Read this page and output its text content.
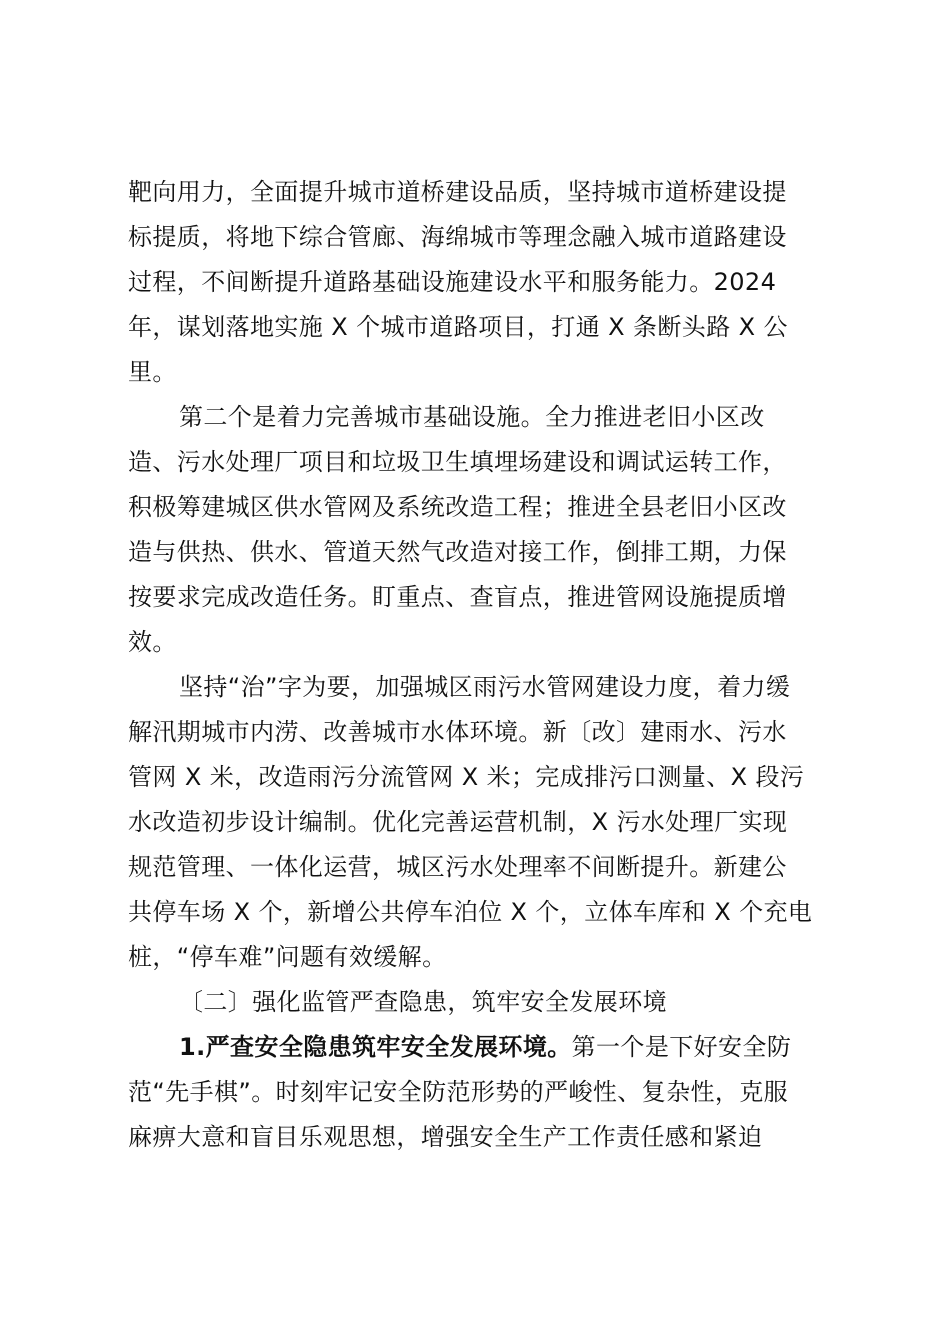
靶向用力，全面提升城市道桥建设品质，坚持城市道桥建设提
标提质，将地下综合管廊、海绵城市等理念融入城市道路建设
过程，不间断提升道路基础设施建设水平和服务能力。2024
年，谋划落地实施 X 个城市道路项目，打通 X 条断头路 X 公
里。
第二个是着力完善城市基础设施。全力推进老旧小区改
造、污水处理厂项目和垃圾卫生填埋场建设和调试运转工作，
积极筹建城区供水管网及系统改造工程；推进全县老旧小区改
造与供热、供水、管道天然气改造对接工作，倒排工期，力保
按要求完成改造任务。盯重点、查盲点，推进管网设施提质增
效。
坚持“治”字为要，加强城区雨污水管网建设力度，着力缓
解汛期城市内涝、改善城市水体环境。新〔改〕建雨水、污水
管网 X 米，改造雨污分流管网 X 米；完成排污口测量、X 段污
水改造初步设计编制。优化完善运营机制，X 污水处理厂实现
规范管理、一体化运营，城区污水处理率不间断提升。新建公
共停车场 X 个，新增公共停车泊位 X 个，立体车库和 X 个充电
桩，“停车难”问题有效缓解。
〔二〕强化监管严查隐患，筑牢安全发展环境
1.严查安全隐患筑牢安全发展环境。第一个是下好安全防
范“先手棋”。时刻牢记安全防范形势的严峻性、复杂性，克服
麻痹大意和盲目乐观思想，增强安全生产工作责任感和紧迫
